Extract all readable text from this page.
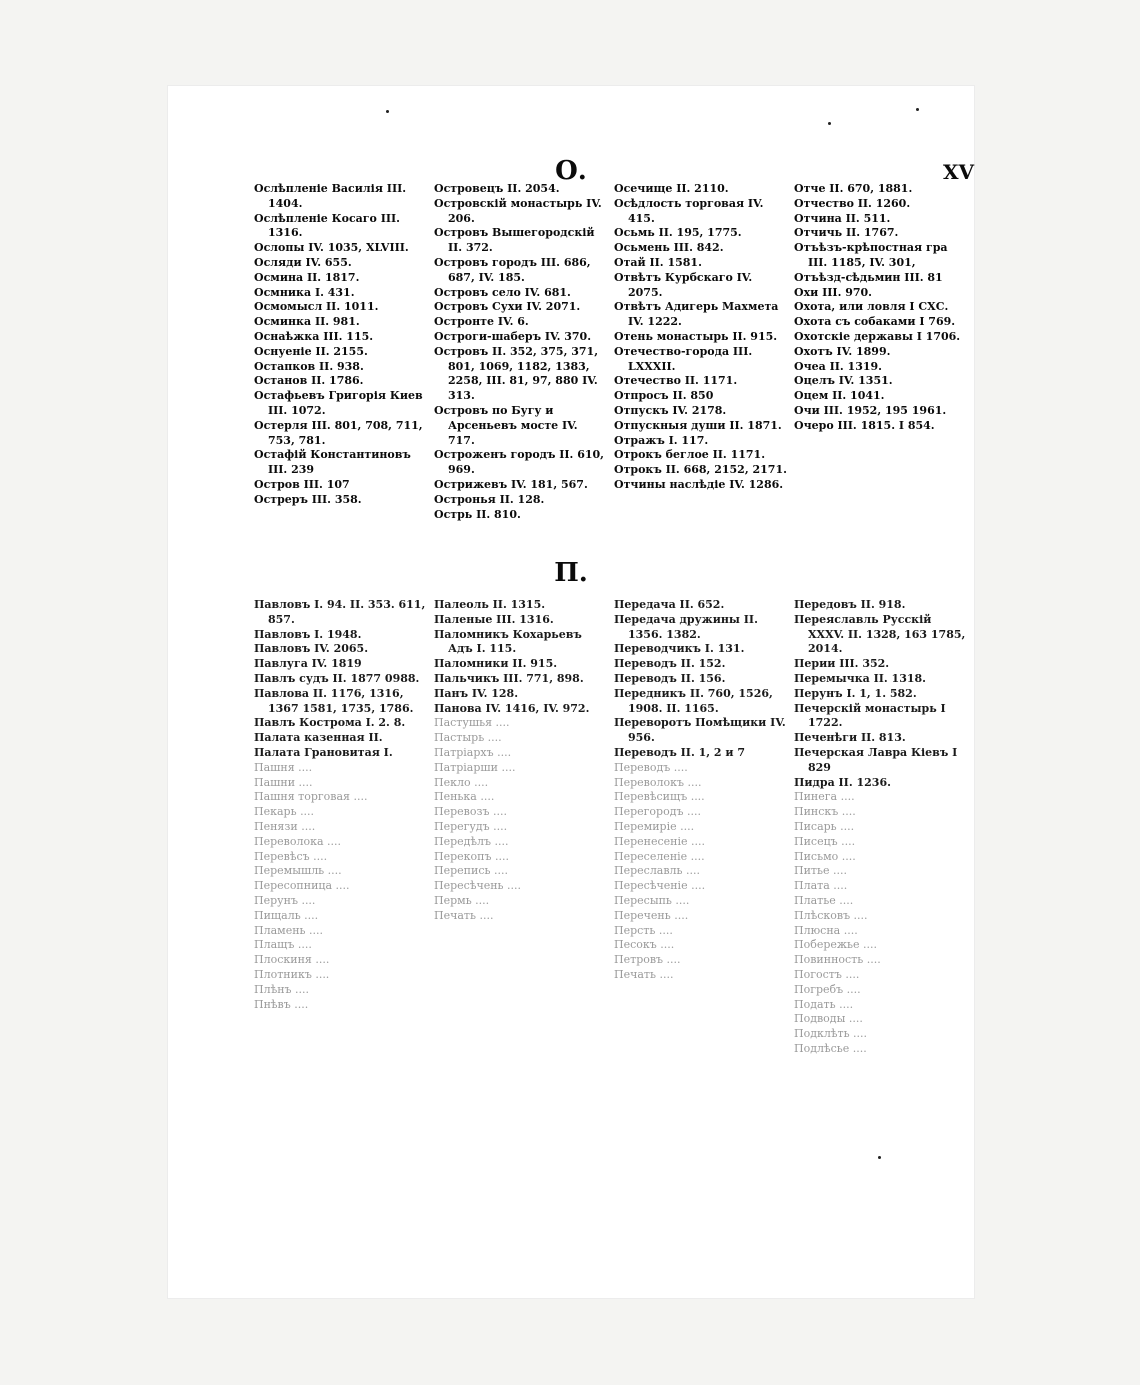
XV
О.
Ослѣпленіе Василія III. 1404.
Ослѣпленіе Косаго III. 1316.
Ослопы IV. 1035, XLVIII.
Осляди IV. 655.
Осмина II. 1817.
Осмника I. 431.
Осмомысл II. 1011.
Осминка II. 981.
Оснаѣжка III. 115.
Оснуеніе II. 2155.
Остапков II. 938.
Останов II. 1786.
Остафьевъ Григорія Киев III. 1072.
Остерля III. 801, 708, 711, 753, 781.
Остафій Константиновъ III. 239
Остров III. 107
Остреръ III. 358.
Островецъ II. 2054.
Островскій монастырь IV. 206.
Островъ Вышегородскій II. 372.
Островъ городъ III. 686, 687, IV. 185.
Островъ село IV. 681.
Островъ Сухи IV. 2071.
Остронте IV. 6.
Остроги-шаберъ IV. 370.
Островъ II. 352, 375, 371, 801, 1069, 1182, 1383, 2258, III. 81, 97, 880 IV. 313.
Островъ по Бугу и Арсеньевъ мосте IV. 717.
Остроженъ городъ II. 610, 969.
Острижевъ IV. 181, 567.
Остронья II. 128.
Острь II. 810.
Осечище II. 2110.
Осѣдлость торговая IV. 415.
Осьмь II. 195, 1775.
Осьмень III. 842.
Отай II. 1581.
Отвѣтъ Курбскаго IV. 2075.
Отвѣтъ Адигерь Махмета IV. 1222.
Отень монастырь II. 915.
Отечество-города III. LXXXII.
Отечество II. 1171.
Отпросъ II. 850
Отпускъ IV. 2178.
Отпускныя души II. 1871.
Отражъ I. 117.
Отрокъ беглое II. 1171.
Отрокъ II. 668, 2152, 2171.
Отчины наслѣдіе IV. 1286.
Отче II. 670, 1881.
Отчество II. 1260.
Отчина II. 511.
Отчичь II. 1767.
Отъѣзъ-крѣпостная гра III. 1185, IV. 301,
Отъѣзд-сѣдьмин III. 81
Охи III. 970.
Охота, или ловля I СXС.
Охота съ собаками I 769.
Охотскіе державы I 1706.
Охотъ IV. 1899.
Очеа II. 1319.
Оцелъ IV. 1351.
Оцем II. 1041.
Очи III. 1952, 195 1961.
Очеро III. 1815. I 854.
П.
Павловъ I. 94. II. 353. 611, 857.
Павловъ I. 1948.
Павловъ IV. 2065.
Павлуга IV. 1819
Павлъ судъ II. 1877 0988.
Павлова II. 1176, 1316, 1367 1581, 1735, 1786.
Павлъ Кострома I. 2. 8.
Палата казенная II.
Палата Грановитая I.
Пашня ....
Пашни ....
Пашня торговая ....
Пекарь ....
Пенязи ....
Переволока ....
Перевѣсъ ....
Перемышль ....
Пересопница ....
Перунъ ....
Пищаль ....
Пламень ....
Плащъ ....
Плоскиня ....
Плотникъ ....
Плѣнъ ....
Пнѣвъ ....
Палеоль II. 1315.
Паленые III. 1316.
Паломникъ Кохарьевъ Адъ I. 115.
Паломники II. 915.
Пальчикъ III. 771, 898.
Панъ IV. 128.
Панова IV. 1416, IV. 972.
Пастушья ....
Пастырь ....
Патріархъ ....
Патріарши ....
Пекло ....
Пенька ....
Перевозъ ....
Перегудъ ....
Передѣлъ ....
Перекопъ ....
Перепись ....
Пересѣчень ....
Пермь ....
Печать ....
Передача II. 652.
Передача дружины II. 1356. 1382.
Переводчикъ I. 131.
Переводъ II. 152.
Переводъ II. 156.
Передникъ II. 760, 1526, 1908. II. 1165.
Переворотъ Помѣщики IV. 956.
Переводъ II. 1, 2 и 7
Переводъ ....
Переволокъ ....
Перевѣсищъ ....
Перегородъ ....
Перемиріе ....
Перенесеніе ....
Переселеніе ....
Переславль ....
Пересѣченіе ....
Пересыпь ....
Перечень ....
Персть ....
Песокъ ....
Петровъ ....
Печать ....
Передовъ II. 918.
Переяславль Русскій XXXV. II. 1328, 163 1785, 2014.
Перии III. 352.
Перемычка II. 1318.
Перунъ I. 1, 1. 582.
Печерскій монастырь I 1722.
Печенѣги II. 813.
Печерская Лавра Кіевъ I 829
Пидра II. 1236.
Пинега ....
Пинскъ ....
Писарь ....
Писецъ ....
Письмо ....
Питье ....
Плата ....
Платье ....
Плѣсковъ ....
Плюсна ....
Побережье ....
Повинность ....
Погостъ ....
Погребъ ....
Подать ....
Подводы ....
Подклѣть ....
Подлѣсье ....
